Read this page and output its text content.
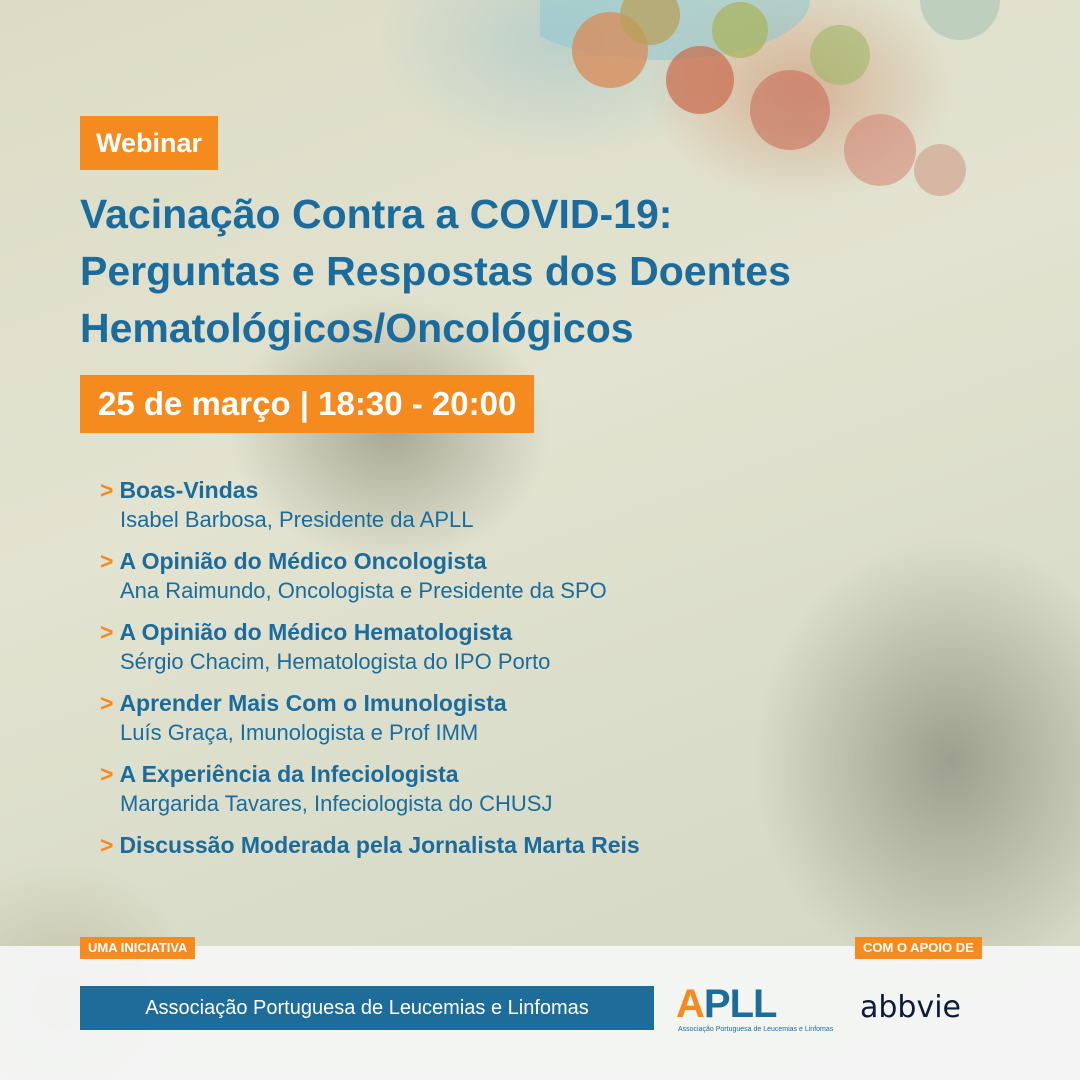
Webinar
Vacinação Contra a COVID-19:
Perguntas e Respostas dos Doentes
Hematológicos/Oncológicos
25 de março | 18:30 - 20:00
> Boas-Vindas
Isabel Barbosa, Presidente da APLL
> A Opinião do Médico Oncologista
Ana Raimundo, Oncologista e Presidente da SPO
> A Opinião do Médico Hematologista
Sérgio Chacim, Hematologista do IPO Porto
> Aprender Mais Com o Imunologista
Luís Graça, Imunologista e Prof IMM
> A Experiência da Infeciologista
Margarida Tavares, Infeciologista do CHUSJ
> Discussão Moderada pela Jornalista Marta Reis
UMA INICIATIVA	COM O APOIO DE
Associação Portuguesa de Leucemias e Linfomas	APLL
Associação Portuguesa de Leucemias e Linfomas
abbvie
